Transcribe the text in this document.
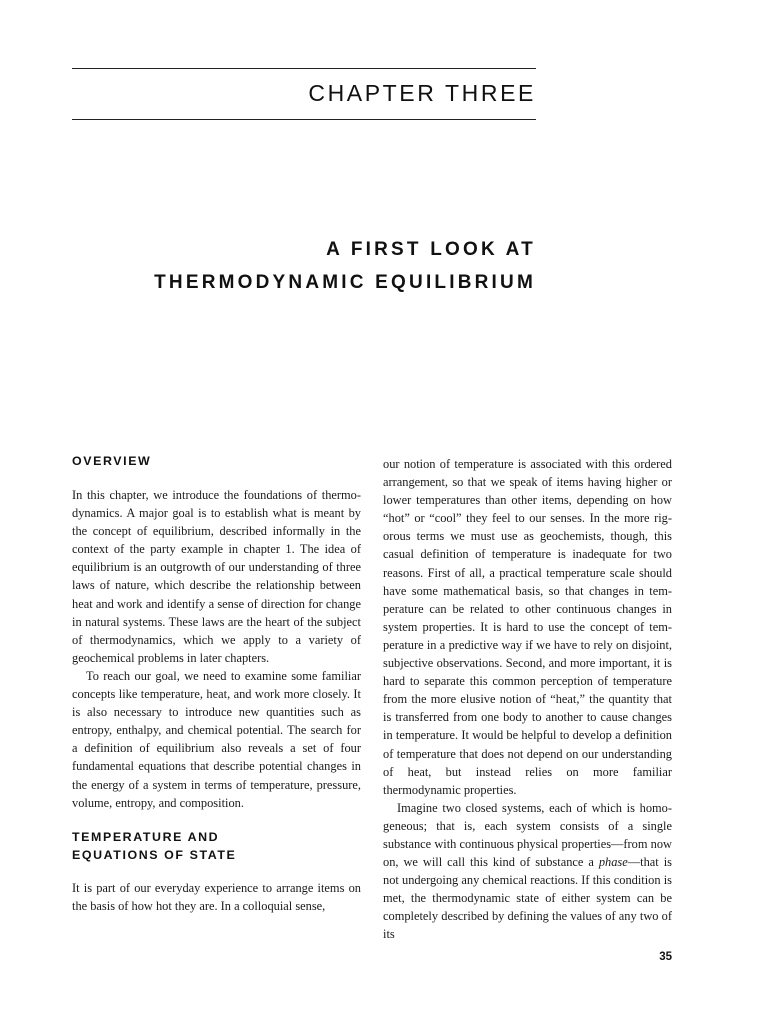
CHAPTER THREE
A FIRST LOOK AT
THERMODYNAMIC EQUILIBRIUM
OVERVIEW

In this chapter, we introduce the foundations of thermodynamics. A major goal is to establish what is meant by the concept of equilibrium, described informally in the context of the party example in chapter 1. The idea of equilibrium is an outgrowth of our understanding of three laws of nature, which describe the relationship between heat and work and identify a sense of direction for change in natural systems. These laws are the heart of the subject of thermodynamics, which we apply to a variety of geochemical problems in later chapters.

To reach our goal, we need to examine some familiar concepts like temperature, heat, and work more closely. It is also necessary to introduce new quantities such as entropy, enthalpy, and chemical potential. The search for a definition of equilibrium also reveals a set of four fundamental equations that describe potential changes in the energy of a system in terms of temperature, pressure, volume, entropy, and composition.

TEMPERATURE AND
EQUATIONS OF STATE

It is part of our everyday experience to arrange items on the basis of how hot they are. In a colloquial sense,

our notion of temperature is associated with this ordered arrangement, so that we speak of items having higher or lower temperatures than other items, depending on how “hot” or “cool” they feel to our senses. In the more rigorous terms we must use as geochemists, though, this casual definition of temperature is inadequate for two reasons. First of all, a practical temperature scale should have some mathematical basis, so that changes in temperature can be related to other continuous changes in system properties. It is hard to use the concept of temperature in a predictive way if we have to rely on disjoint, subjective observations. Second, and more important, it is hard to separate this common perception of temperature from the more elusive notion of “heat,” the quantity that is transferred from one body to another to cause changes in temperature. It would be helpful to develop a definition of temperature that does not depend on our understanding of heat, but instead relies on more familiar thermodynamic properties.

Imagine two closed systems, each of which is homogeneous; that is, each system consists of a single substance with continuous physical properties—from now on, we will call this kind of substance a phase—that is not undergoing any chemical reactions. If this condition is met, the thermodynamic state of either system can be completely described by defining the values of any two of its

35
